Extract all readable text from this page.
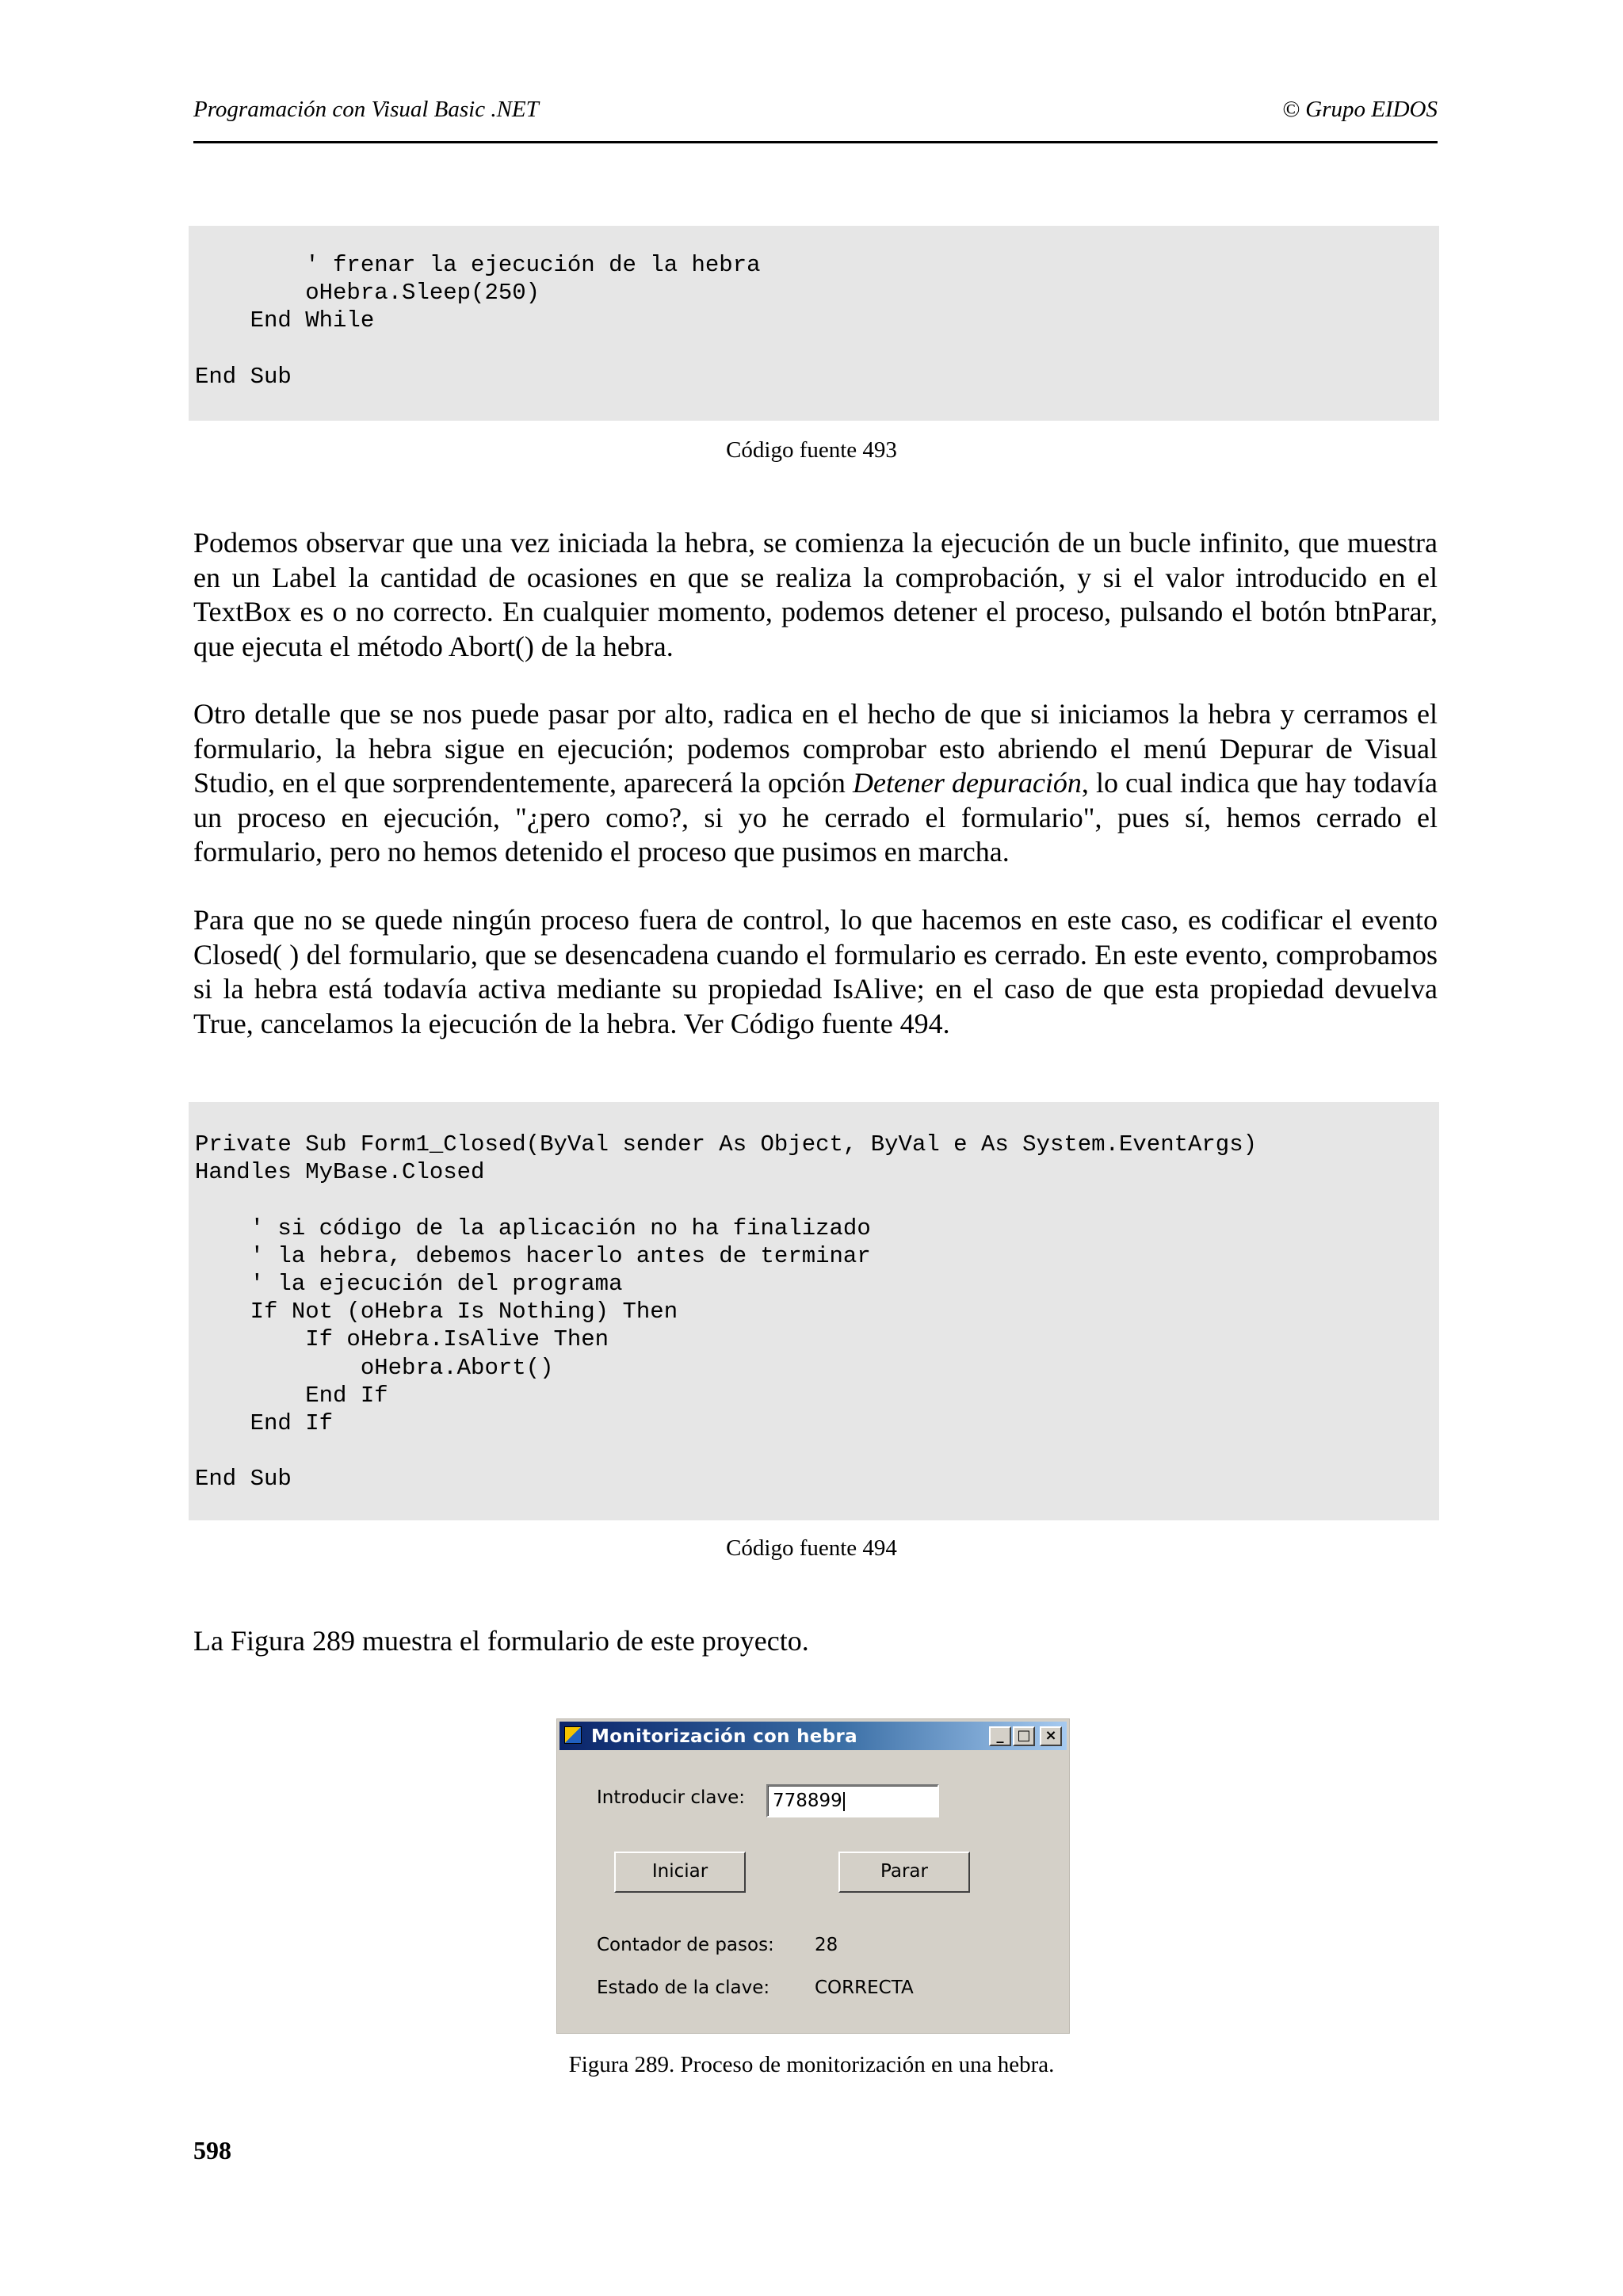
Programación con Visual Basic .NET	© Grupo EIDOS
' frenar la ejecución de la hebra
oHebra.Sleep(250)
End While

End Sub
Código fuente 493

Podemos observar que una vez iniciada la hebra, se comienza la ejecución de un bucle infinito, que muestra en un Label la cantidad de ocasiones en que se realiza la comprobación, y si el valor introducido en el TextBox es o no correcto. En cualquier momento, podemos detener el proceso, pulsando el botón btnParar, que ejecuta el método Abort() de la hebra.

Otro detalle que se nos puede pasar por alto, radica en el hecho de que si iniciamos la hebra y cerramos el formulario, la hebra sigue en ejecución; podemos comprobar esto abriendo el menú Depurar de Visual Studio, en el que sorprendentemente, aparecerá la opción Detener depuración, lo cual indica que hay todavía un proceso en ejecución, "¿pero como?, si yo he cerrado el formulario", pues sí, hemos cerrado el formulario, pero no hemos detenido el proceso que pusimos en marcha.

Para que no se quede ningún proceso fuera de control, lo que hacemos en este caso, es codificar el evento Closed( ) del formulario, que se desencadena cuando el formulario es cerrado. En este evento, comprobamos si la hebra está todavía activa mediante su propiedad IsAlive; en el caso de que esta propiedad devuelva True, cancelamos la ejecución de la hebra. Ver Código fuente 494.

Private Sub Form1_Closed(ByVal sender As Object, ByVal e As System.EventArgs)
Handles MyBase.Closed

' si código de la aplicación no ha finalizado
' la hebra, debemos hacerlo antes de terminar
' la ejecución del programa
If Not (oHebra Is Nothing) Then
If oHebra.IsAlive Then
oHebra.Abort()
End If
End If

End Sub
Código fuente 494

La Figura 289 muestra el formulario de este proyecto.

Monitorización con hebra	_ □ ×
Introducir clave:	778899
Iniciar	Parar
Contador de pasos: 28
Estado de la clave: CORRECTA
Figura 289. Proceso de monitorización en una hebra.
598
